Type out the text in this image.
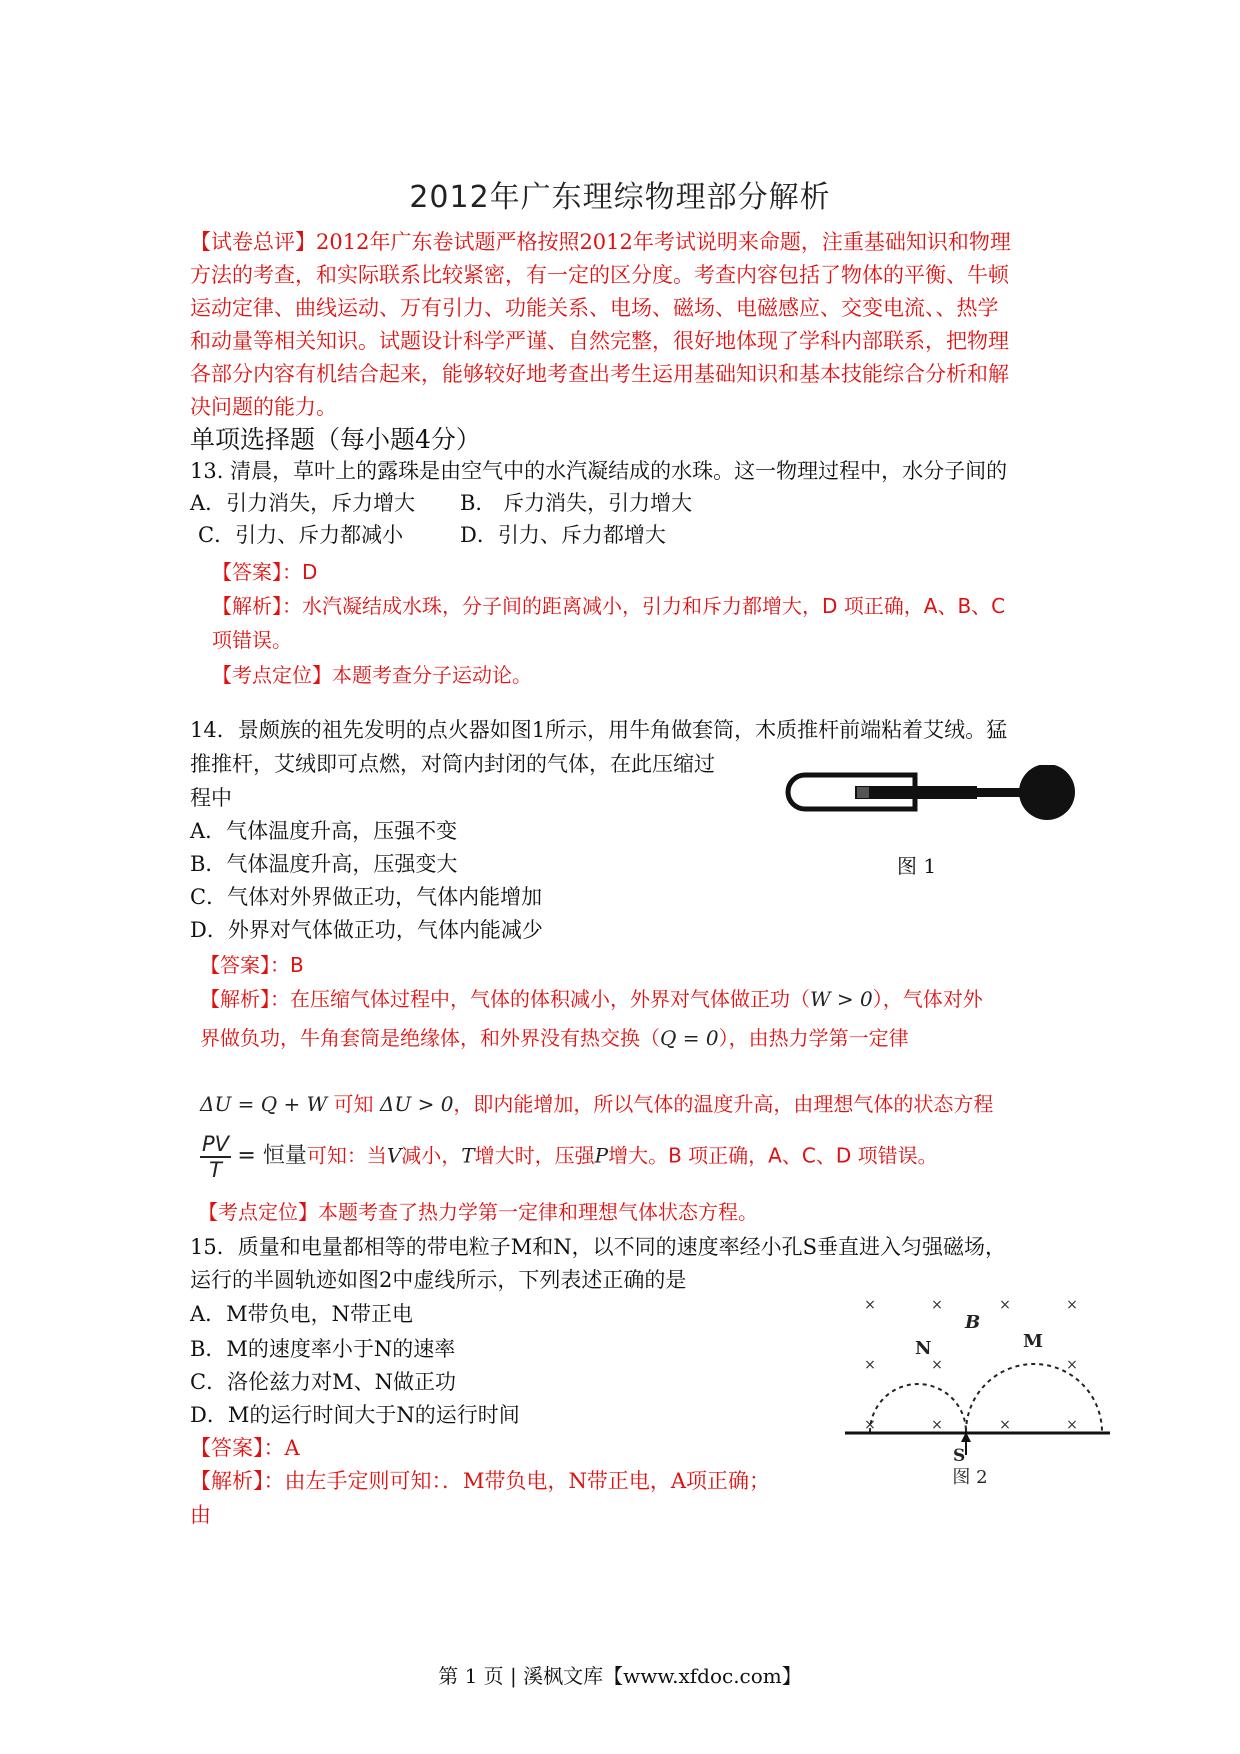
2012年广东理综物理部分解析
【试卷总评】2012年广东卷试题严格按照2012年考试说明来命题，注重基础知识和物理
方法的考查，和实际联系比较紧密，有一定的区分度。考查内容包括了物体的平衡、牛顿
运动定律、曲线运动、万有引力、功能关系、电场、磁场、电磁感应、交变电流、、热学
和动量等相关知识。试题设计科学严谨、自然完整，很好地体现了学科内部联系，把物理
各部分内容有机结合起来，能够较好地考查出考生运用基础知识和基本技能综合分析和解
决问题的能力。
单项选择题（每小题4分）
13. 清晨，草叶上的露珠是由空气中的水汽凝结成的水珠。这一物理过程中，水分子间的
A．引力消失，斥力增大 B． 斥力消失，引力增大
C．引力、斥力都减小	D．引力、斥力都增大
【答案】：D
【解析】：水汽凝结成水珠，分子间的距离减小，引力和斥力都增大，D 项正确，A、B、C
项错误。
【考点定位】本题考查分子运动论。
14．景颇族的祖先发明的点火器如图1所示，用牛角做套筒，木质推杆前端粘着艾绒。猛
推推杆，艾绒即可点燃，对筒内封闭的气体，在此压缩过
程中
A．气体温度升高，压强不变
B．气体温度升高，压强变大
C．气体对外界做正功，气体内能增加
D．外界对气体做正功，气体内能减少
图 1
【答案】：B
【解析】：在压缩气体过程中，气体的体积减小，外界对气体做正功（W > 0），气体对外
界做负功，牛角套筒是绝缘体，和外界没有热交换（Q = 0），由热力学第一定律
ΔU = Q + W 可知 ΔU > 0，即内能增加，所以气体的温度升高，由理想气体的状态方程
$\frac{PV}{T}$ = 恒量可知：当V减小，T增大时，压强P增大。B 项正确，A、C、D 项错误。
【考点定位】本题考查了热力学第一定律和理想气体状态方程。
15．质量和电量都相等的带电粒子M和N，以不同的速度率经小孔S垂直进入匀强磁场，
运行的半圆轨迹如图2中虚线所示，下列表述正确的是
A．M带负电，N带正电
B．M的速度率小于N的速率
C．洛伦兹力对M、N做正功
D．M的运行时间大于N的运行时间
【答案】：A
【解析】：由左手定则可知：．M带负电，N带正电，A项正确；
由
×	×	×	×
×	×	×
×	×	×	×
N
B
M
S
图 2
第 1 页 | 溪枫文库【www.xfdoc.com】
